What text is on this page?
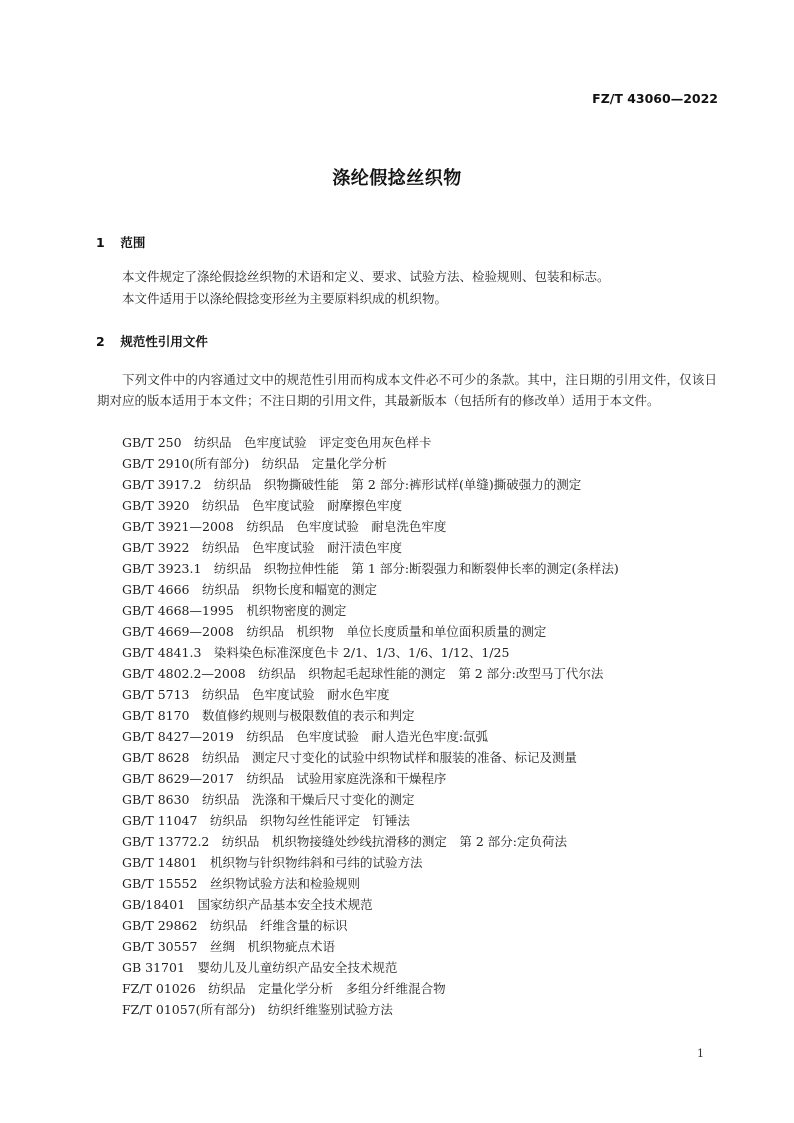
FZ/T 43060—2022
涤纶假捻丝织物
1 范围
本文件规定了涤纶假捻丝织物的术语和定义、要求、试验方法、检验规则、包装和标志。
本文件适用于以涤纶假捻变形丝为主要原料织成的机织物。
2 规范性引用文件
下列文件中的内容通过文中的规范性引用而构成本文件必不可少的条款。其中，注日期的引用文件，仅该日期对应的版本适用于本文件；不注日期的引用文件，其最新版本（包括所有的修改单）适用于本文件。
GB/T 250　纺织品　色牢度试验　评定变色用灰色样卡
GB/T 2910(所有部分)　纺织品　定量化学分析
GB/T 3917.2　纺织品　织物撕破性能　第 2 部分:裤形试样(单缝)撕破强力的测定
GB/T 3920　纺织品　色牢度试验　耐摩擦色牢度
GB/T 3921—2008　纺织品　色牢度试验　耐皂洗色牢度
GB/T 3922　纺织品　色牢度试验　耐汗渍色牢度
GB/T 3923.1　纺织品　织物拉伸性能　第 1 部分:断裂强力和断裂伸长率的测定(条样法)
GB/T 4666　纺织品　织物长度和幅宽的测定
GB/T 4668—1995　机织物密度的测定
GB/T 4669—2008　纺织品　机织物　单位长度质量和单位面积质量的测定
GB/T 4841.3　染料染色标准深度色卡 2/1、1/3、1/6、1/12、1/25
GB/T 4802.2—2008　纺织品　织物起毛起球性能的测定　第 2 部分:改型马丁代尔法
GB/T 5713　纺织品　色牢度试验　耐水色牢度
GB/T 8170　数值修约规则与极限数值的表示和判定
GB/T 8427—2019　纺织品　色牢度试验　耐人造光色牢度:氙弧
GB/T 8628　纺织品　测定尺寸变化的试验中织物试样和服装的准备、标记及测量
GB/T 8629—2017　纺织品　试验用家庭洗涤和干燥程序
GB/T 8630　纺织品　洗涤和干燥后尺寸变化的测定
GB/T 11047　纺织品　织物勾丝性能评定　钉锤法
GB/T 13772.2　纺织品　机织物接缝处纱线抗滑移的测定　第 2 部分:定负荷法
GB/T 14801　机织物与针织物纬斜和弓纬的试验方法
GB/T 15552　丝织物试验方法和检验规则
GB/18401　国家纺织产品基本安全技术规范
GB/T 29862　纺织品　纤维含量的标识
GB/T 30557　丝绸　机织物疵点术语
GB 31701　婴幼儿及儿童纺织产品安全技术规范
FZ/T 01026　纺织品　定量化学分析　多组分纤维混合物
FZ/T 01057(所有部分)　纺织纤维鉴别试验方法
1
